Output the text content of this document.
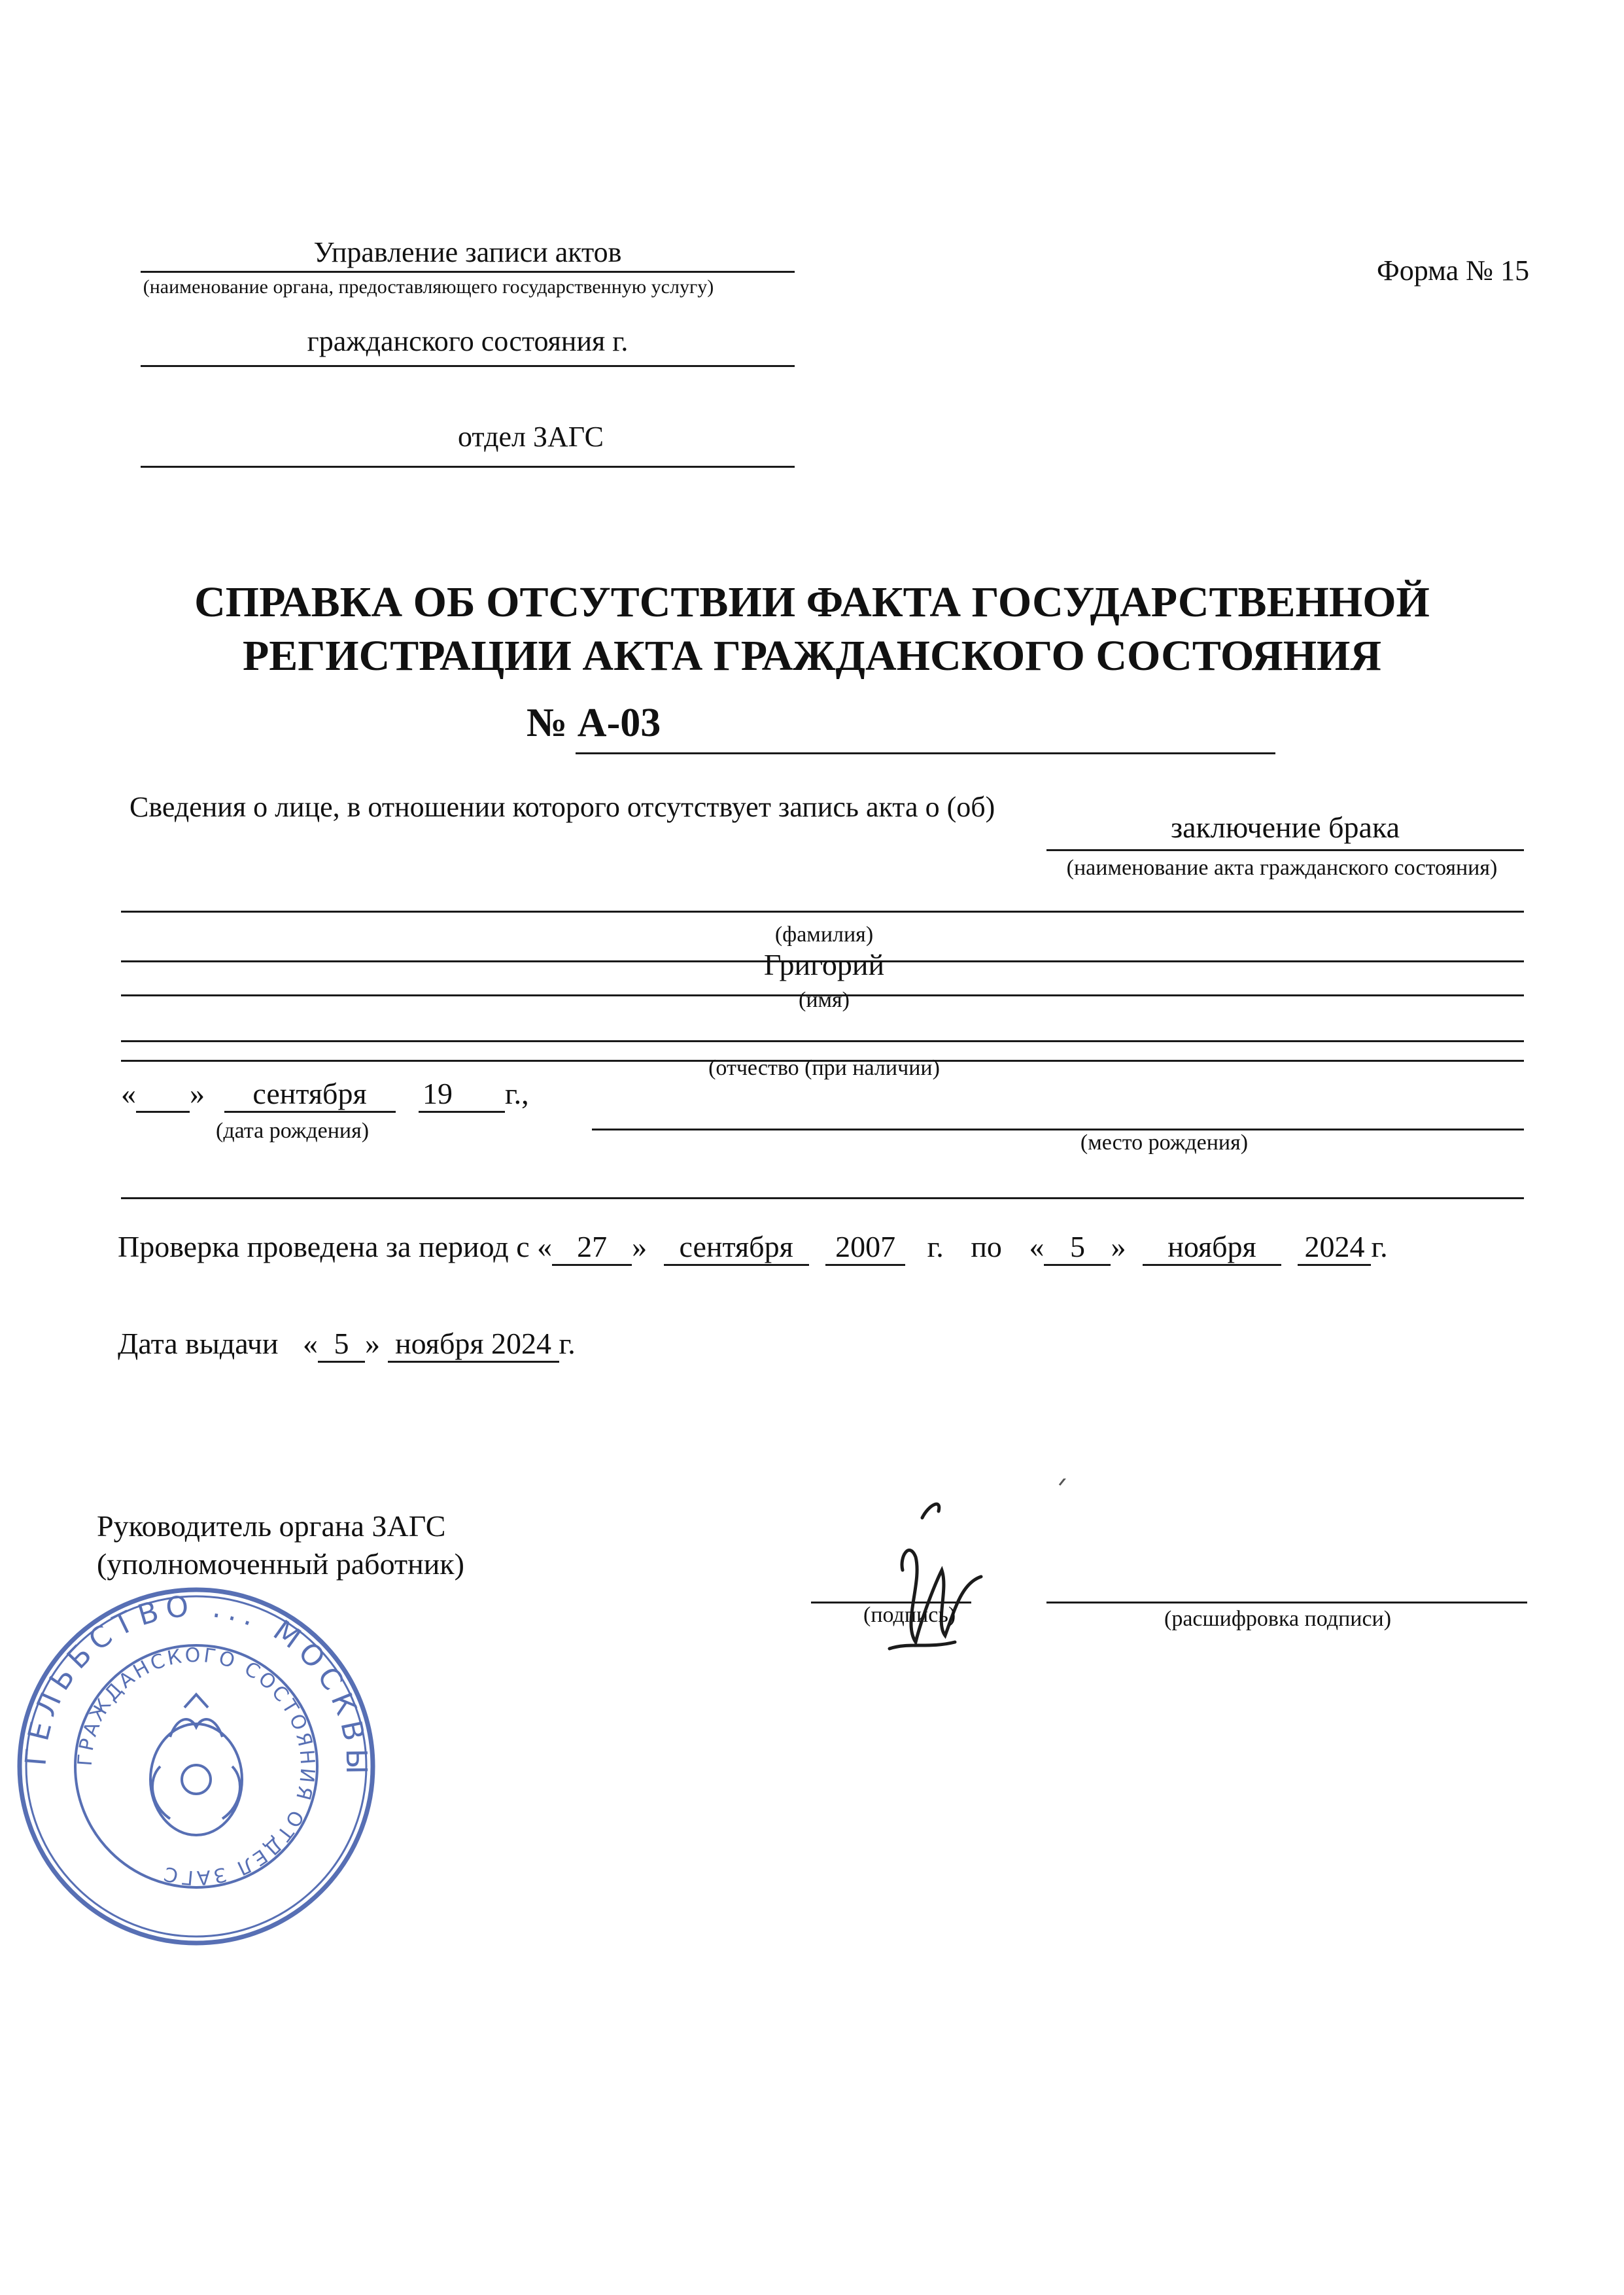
Управление записи актов
(наименование органа, предоставляющего государственную услугу)
гражданского состояния г.
отдел ЗАГС
Форма № 15
СПРАВКА ОБ ОТСУТСТВИИ ФАКТА ГОСУДАРСТВЕННОЙ
РЕГИСТРАЦИИ АКТА ГРАЖДАНСКОГО СОСТОЯНИЯ
№ А-03
Сведения о лице, в отношении которого отсутствует запись акта о (об)
заключение брака
(наименование акта гражданского состояния)
(фамилия)
Григорий
(имя)
(отчество (при наличии)
« » сентября 19 г.,
(дата рождения)	(место рождения)
Проверка проведена за период с « 27 » сентября 2007 г. по « 5 » ноября 2024 г.
Дата выдачи « 5 » ноября 2024 г.
Руководитель органа ЗАГС
(уполномоченный работник)
(подпись)	(расшифровка подписи)
ГЕЛЬБСТВО ... МОСКВЫ
ГРАЖДАНСКОГО СОСТОЯНИЯ ОТДЕЛ ЗАГС
